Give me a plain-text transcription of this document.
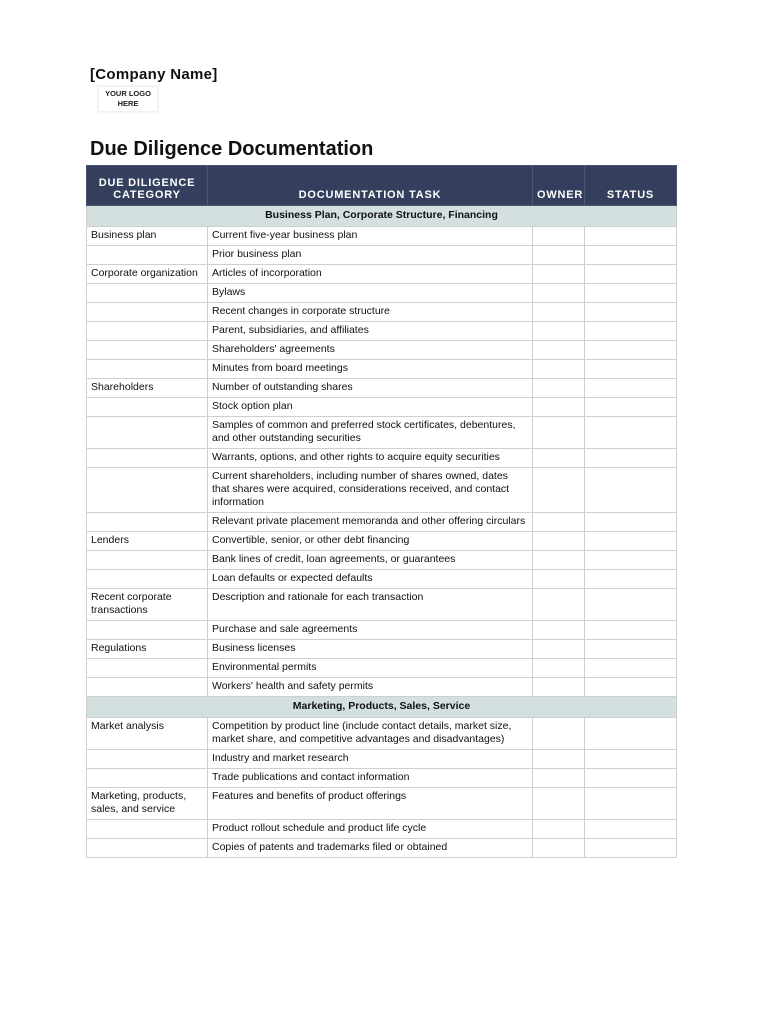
[Company Name]
YOUR LOGO HERE
Due Diligence Documentation
DUE DILIGENCE CATEGORY	DOCUMENTATION TASK	OWNER	STATUS
Business Plan, Corporate Structure, Financing			
Business plan	Current five-year business plan		
	Prior business plan		
Corporate organization	Articles of incorporation		
	Bylaws		
	Recent changes in corporate structure		
	Parent, subsidiaries, and affiliates		
	Shareholders' agreements		
	Minutes from board meetings		
Shareholders	Number of outstanding shares		
	Stock option plan		
	Samples of common and preferred stock certificates, debentures, and other outstanding securities		
	Warrants, options, and other rights to acquire equity securities		
	Current shareholders, including number of shares owned, dates that shares were acquired, considerations received, and contact information		
	Relevant private placement memoranda and other offering circulars		
Lenders	Convertible, senior, or other debt financing		
	Bank lines of credit, loan agreements, or guarantees		
	Loan defaults or expected defaults		
Recent corporate transactions	Description and rationale for each transaction		
	Purchase and sale agreements		
Regulations	Business licenses		
	Environmental permits		
	Workers' health and safety permits		
Marketing, Products, Sales, Service			
Market analysis	Competition by product line (include contact details, market size, market share, and competitive advantages and disadvantages)		
	Industry and market research		
	Trade publications and contact information		
Marketing, products, sales, and service	Features and benefits of product offerings		
	Product rollout schedule and product life cycle		
	Copies of patents and trademarks filed or obtained		
